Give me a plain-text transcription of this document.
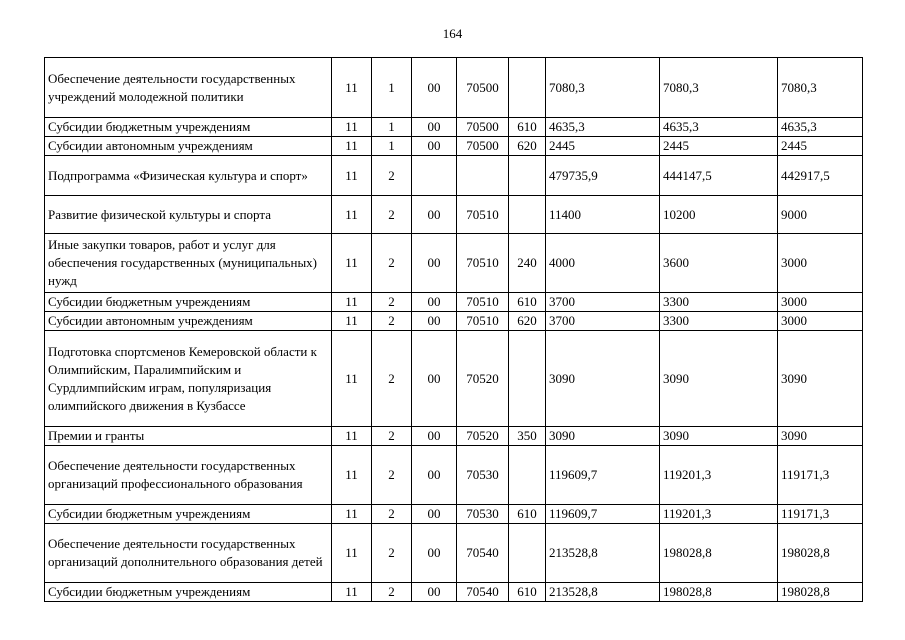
164
Обеспечение деятельности государственных учреждений молодежной политики	11	1	00	70500		7080,3	7080,3	7080,3
Субсидии бюджетным учреждениям	11	1	00	70500	610	4635,3	4635,3	4635,3
Субсидии автономным учреждениям	11	1	00	70500	620	2445	2445	2445
Подпрограмма «Физическая культура и спорт»	11	2				479735,9	444147,5	442917,5
Развитие физической культуры и спорта	11	2	00	70510		11400	10200	9000
Иные закупки товаров, работ и услуг для обеспечения государственных (муниципальных) нужд	11	2	00	70510	240	4000	3600	3000
Субсидии бюджетным учреждениям	11	2	00	70510	610	3700	3300	3000
Субсидии автономным учреждениям	11	2	00	70510	620	3700	3300	3000
Подготовка спортсменов Кемеровской области к Олимпийским, Паралимпийским и Сурдлимпийским играм, популяризация олимпийского движения в Кузбассе	11	2	00	70520		3090	3090	3090
Премии и гранты	11	2	00	70520	350	3090	3090	3090
Обеспечение деятельности государственных организаций профессионального образования	11	2	00	70530		119609,7	119201,3	119171,3
Субсидии бюджетным учреждениям	11	2	00	70530	610	119609,7	119201,3	119171,3
Обеспечение деятельности государственных организаций дополнительного образования детей	11	2	00	70540		213528,8	198028,8	198028,8
Субсидии бюджетным учреждениям	11	2	00	70540	610	213528,8	198028,8	198028,8
